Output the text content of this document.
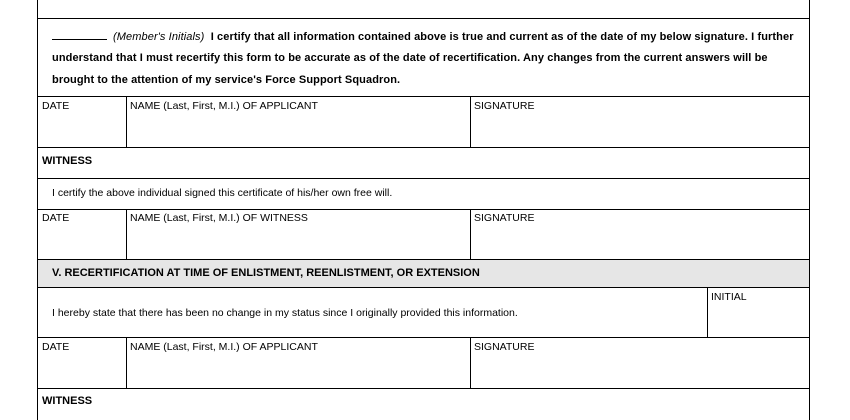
(Member's Initials) I certify that all information contained above is true and current as of the date of my below signature. I further
understand that I must recertify this form to be accurate as of the date of recertification. Any changes from the current answers will be
brought to the attention of my service's Force Support Squadron.
DATE	NAME (Last, First, M.I.) OF APPLICANT	SIGNATURE
WITNESS
I certify the above individual signed this certificate of his/her own free will.
DATE	NAME (Last, First, M.I.) OF WITNESS	SIGNATURE
V. RECERTIFICATION AT TIME OF ENLISTMENT, REENLISTMENT, OR EXTENSION
I hereby state that there has been no change in my status since I originally provided this information.
INITIAL
DATE	NAME (Last, First, M.I.) OF APPLICANT	SIGNATURE
WITNESS
